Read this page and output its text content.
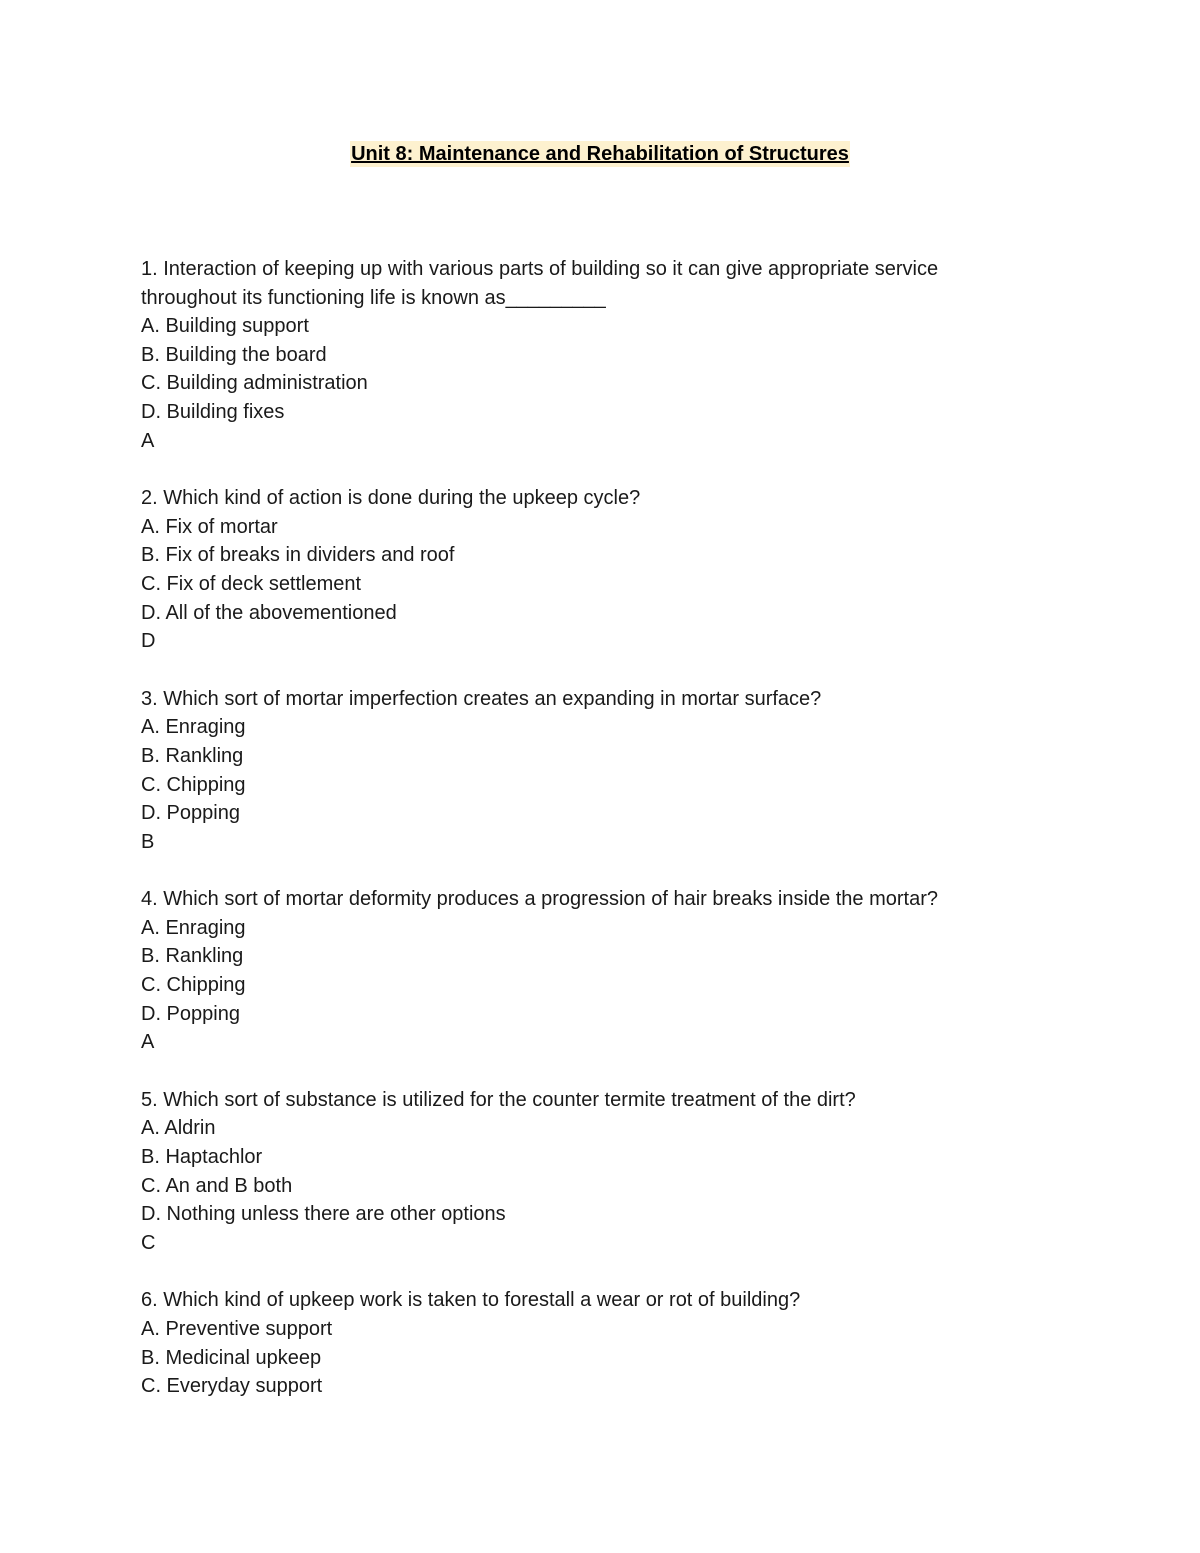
Unit 8: Maintenance and Rehabilitation of Structures
1. Interaction of keeping up with various parts of building so it can give appropriate service throughout its functioning life is known as_________
A. Building support
B. Building the board
C. Building administration
D. Building fixes
A
2. Which kind of action is done during the upkeep cycle?
A. Fix of mortar
B. Fix of breaks in dividers and roof
C. Fix of deck settlement
D. All of the abovementioned
D
3. Which sort of mortar imperfection creates an expanding in mortar surface?
A. Enraging
B. Rankling
C. Chipping
D. Popping
B
4. Which sort of mortar deformity produces a progression of hair breaks inside the mortar?
A. Enraging
B. Rankling
C. Chipping
D. Popping
A
5. Which sort of substance is utilized for the counter termite treatment of the dirt?
A. Aldrin
B. Haptachlor
C. An and B both
D. Nothing unless there are other options
C
6. Which kind of upkeep work is taken to forestall a wear or rot of building?
A. Preventive support
B. Medicinal upkeep
C. Everyday support
